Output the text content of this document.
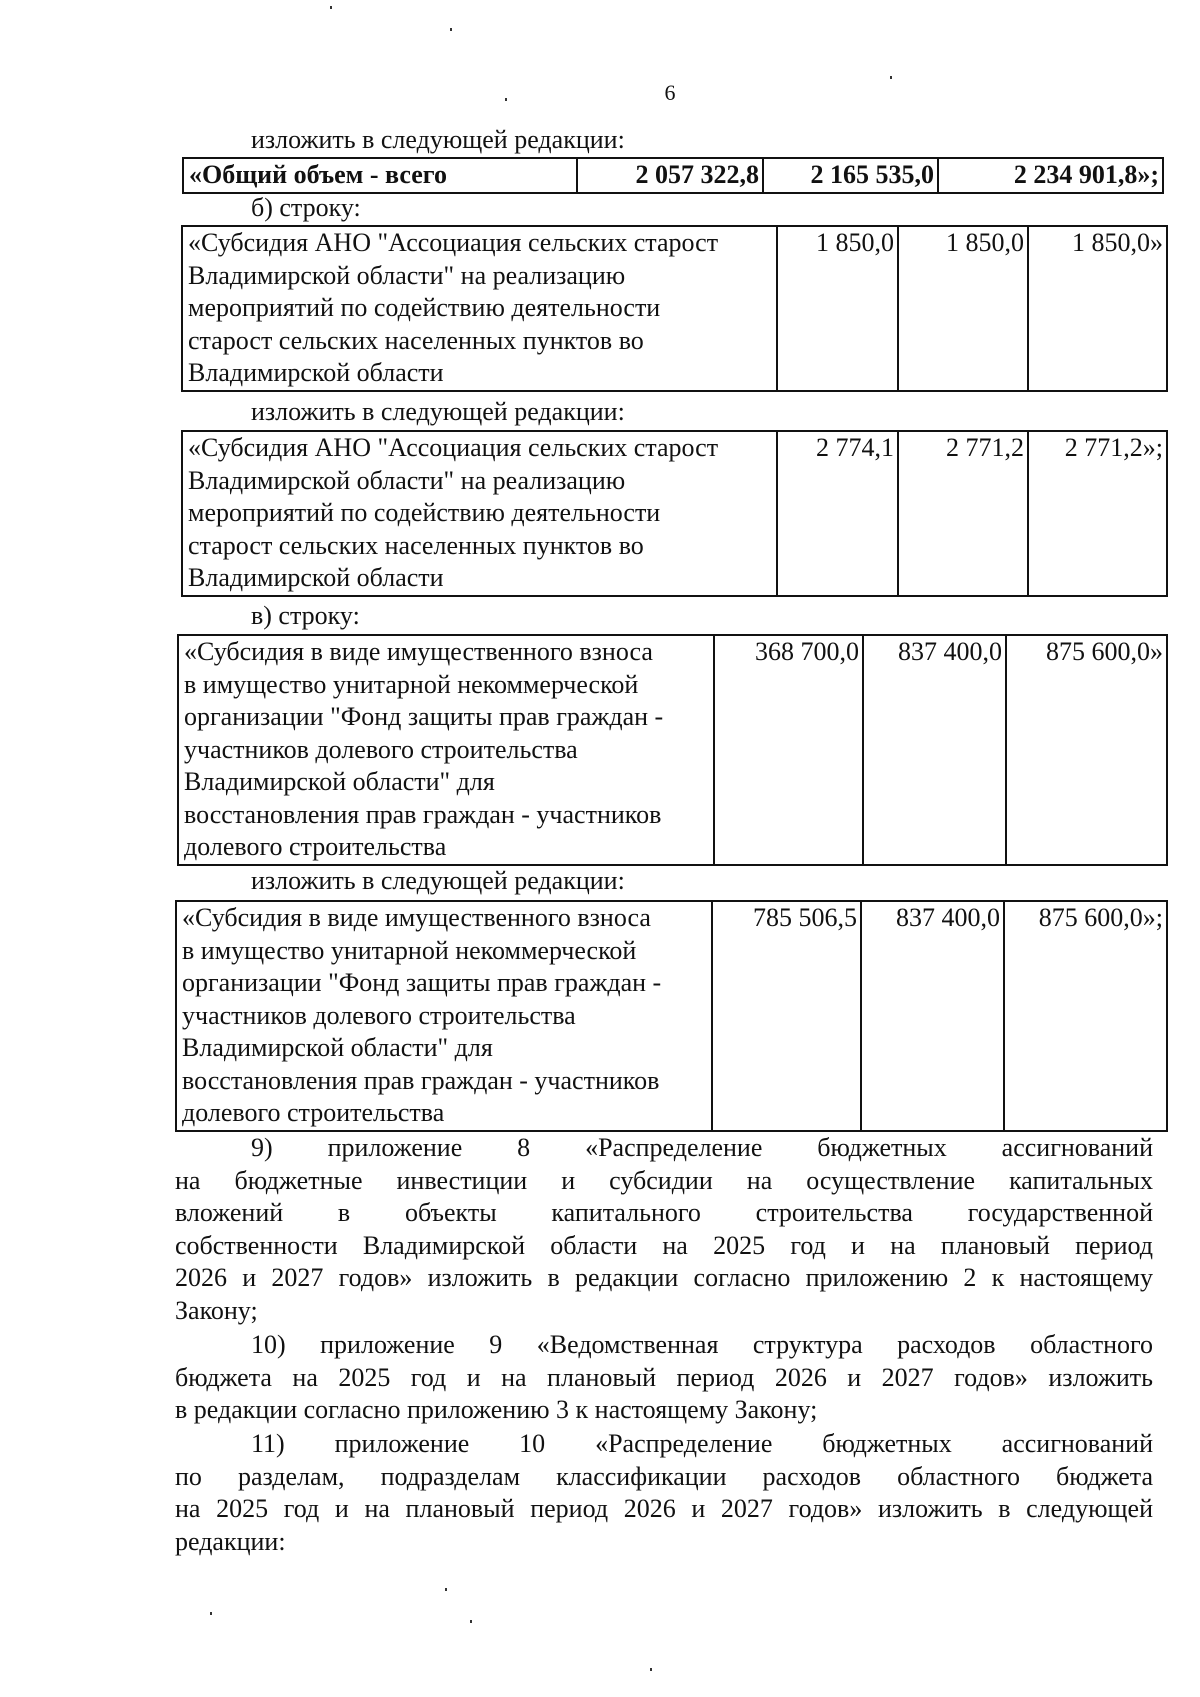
6
изложить в следующей редакции:
«Общий объем - всего	2 057 322,8	2 165 535,0	2 234 901,8»;
б) строку:
«Субсидия АНО "Ассоциация сельских старост
Владимирской области" на реализацию
мероприятий по содействию деятельности
старост сельских населенных пунктов во
Владимирской области
	1 850,0	1 850,0	1 850,0»
изложить в следующей редакции:
«Субсидия АНО "Ассоциация сельских старост
Владимирской области" на реализацию
мероприятий по содействию деятельности
старост сельских населенных пунктов во
Владимирской области
	2 774,1	2 771,2	2 771,2»;
в) строку:
«Субсидия в виде имущественного взноса
в имущество унитарной некоммерческой
организации "Фонд защиты прав граждан -
участников долевого строительства
Владимирской области" для
восстановления прав граждан - участников
долевого строительства
	368 700,0	837 400,0	875 600,0»
изложить в следующей редакции:
«Субсидия в виде имущественного взноса
в имущество унитарной некоммерческой
организации "Фонд защиты прав граждан -
участников долевого строительства
Владимирской области" для
восстановления прав граждан - участников
долевого строительства
	785 506,5	837 400,0	875 600,0»;
9) приложение 8 «Распределение бюджетных ассигнований
на бюджетные инвестиции и субсидии на осуществление капитальных
вложений в объекты капитального строительства государственной
собственности Владимирской области на 2025 год и на плановый период
2026 и 2027 годов» изложить в редакции согласно приложению 2 к настоящему
Закону;
10) приложение 9 «Ведомственная структура расходов областного
бюджета на 2025 год и на плановый период 2026 и 2027 годов» изложить
в редакции согласно приложению 3 к настоящему Закону;
11) приложение 10 «Распределение бюджетных ассигнований
по разделам, подразделам классификации расходов областного бюджета
на 2025 год и на плановый период 2026 и 2027 годов» изложить в следующей
редакции:
